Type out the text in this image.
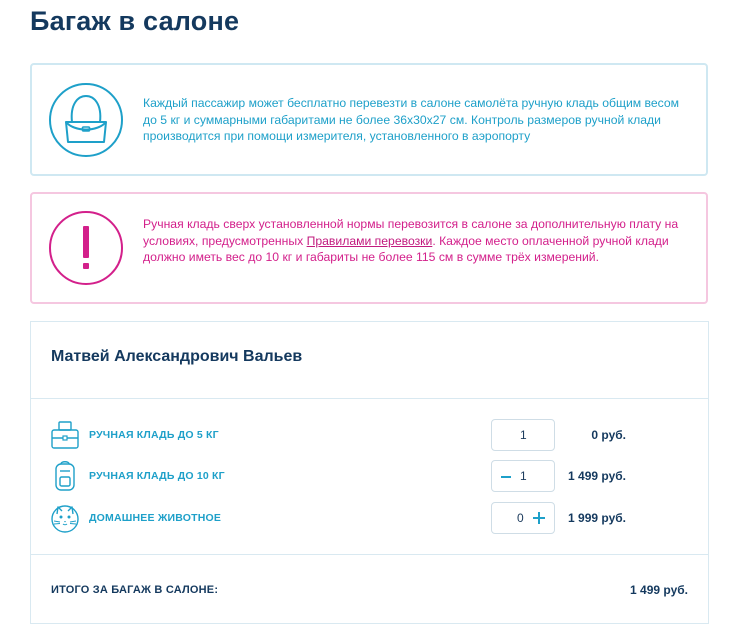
Багаж в салоне
Каждый пассажир может бесплатно перевезти в салоне самолёта ручную кладь общим весом до 5 кг и суммарными габаритами не более 36x30x27 см. Контроль размеров ручной клади производится при помощи измерителя, установленного в аэропорту
Ручная кладь сверх установленной нормы перевозится в салоне за дополнительную плату на условиях, предусмотренных Правилами перевозки. Каждое место оплаченной ручной клади должно иметь вес до 10 кг и габариты не более 115 см в сумме трёх измерений.
Матвей Александрович Вальев
РУЧНАЯ КЛАДЬ ДО 5 КГ	1	0 руб.
РУЧНАЯ КЛАДЬ ДО 10 КГ	1	1 499 руб.
ДОМАШНЕЕ ЖИВОТНОЕ	0	1 999 руб.
ИТОГО ЗА БАГАЖ В САЛОНЕ:	1 499 руб.
